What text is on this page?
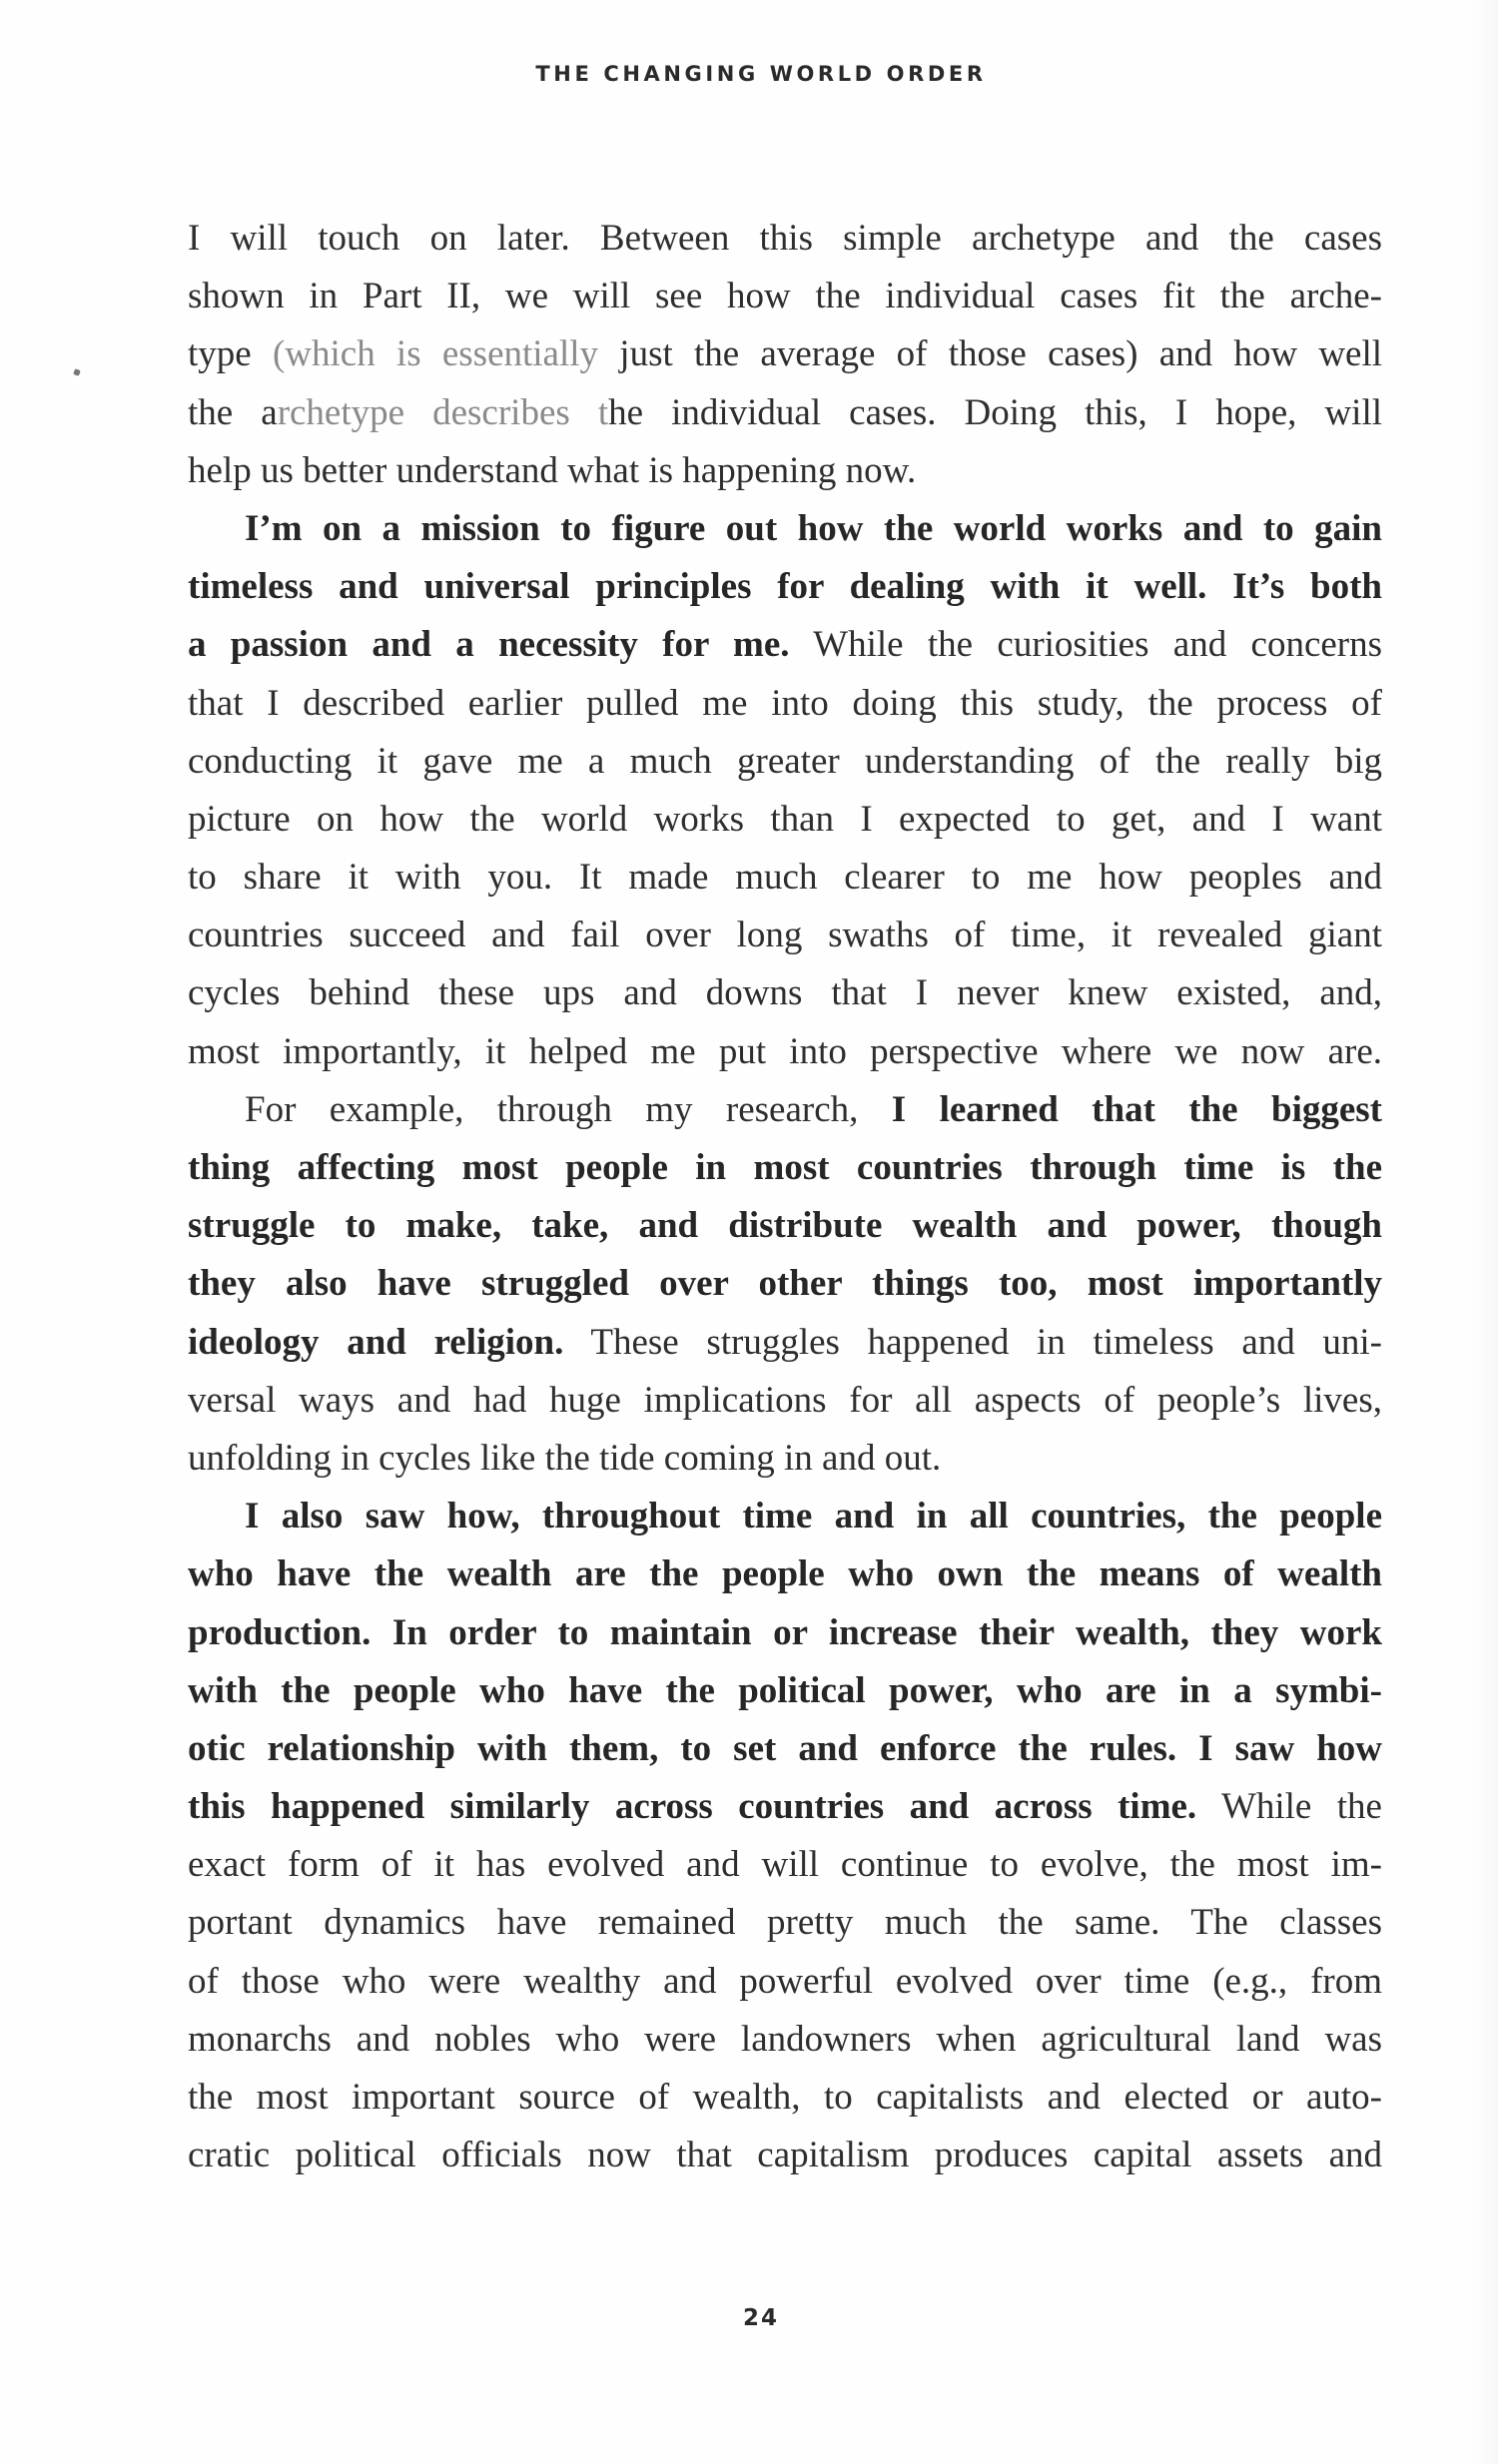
THE CHANGING WORLD ORDER
I will touch on later. Between this simple archetype and the cases
shown in Part II, we will see how the individual cases fit the arche-
type (which is essentially just the average of those cases) and how well
the archetype describes the individual cases. Doing this, I hope, will
help us better understand what is happening now.
I’m on a mission to figure out how the world works and to gain
timeless and universal principles for dealing with it well. It’s both
a passion and a necessity for me. While the curiosities and concerns
that I described earlier pulled me into doing this study, the process of
conducting it gave me a much greater understanding of the really big
picture on how the world works than I expected to get, and I want
to share it with you. It made much clearer to me how peoples and
countries succeed and fail over long swaths of time, it revealed giant
cycles behind these ups and downs that I never knew existed, and,
most importantly, it helped me put into perspective where we now are.
For example, through my research, I learned that the biggest
thing affecting most people in most countries through time is the
struggle to make, take, and distribute wealth and power, though
they also have struggled over other things too, most importantly
ideology and religion. These struggles happened in timeless and uni-
versal ways and had huge implications for all aspects of people’s lives,
unfolding in cycles like the tide coming in and out.
I also saw how, throughout time and in all countries, the people
who have the wealth are the people who own the means of wealth
production. In order to maintain or increase their wealth, they work
with the people who have the political power, who are in a symbi-
otic relationship with them, to set and enforce the rules. I saw how
this happened similarly across countries and across time. While the
exact form of it has evolved and will continue to evolve, the most im-
portant dynamics have remained pretty much the same. The classes
of those who were wealthy and powerful evolved over time (e.g., from
monarchs and nobles who were landowners when agricultural land was
the most important source of wealth, to capitalists and elected or auto-
cratic political officials now that capitalism produces capital assets and
24
